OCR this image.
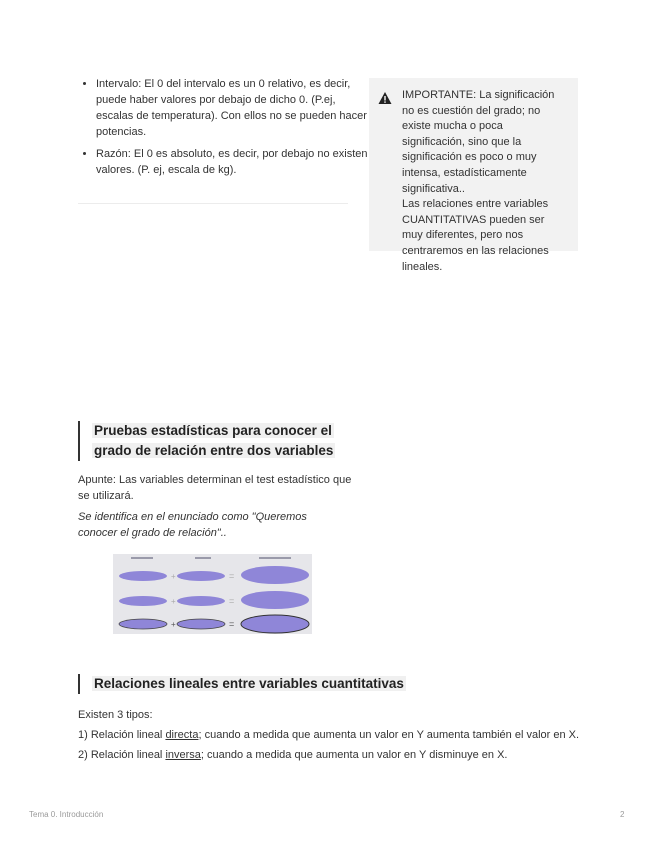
• Intervalo: El 0 del intervalo es un 0 relativo, es decir, puede haber valores por debajo de dicho 0. (P.ej, escalas de temperatura). Con ellos no se pueden hacer potencias.
• Razón: El 0 es absoluto, es decir, por debajo no existen valores. (P. ej, escala de kg).

IMPORTANTE: La significación no es cuestión del grado; no existe mucha o poca significación, sino que la significación es poco o muy intensa, estadísticamente significativa..

Las relaciones entre variables CUANTITATIVAS pueden ser muy diferentes, pero nos centraremos en las relaciones lineales.

Pruebas estadísticas para conocer el
grado de relación entre dos variables

Apunte: Las variables determinan el test estadístico que se utilizará.

Se identifica en el enunciado como "Queremos conocer el grado de relación"..

+	=
+	=
+	=
Relaciones lineales entre variables cuantitativas

Existen 3 tipos:

1) Relación lineal directa; cuando a medida que aumenta un valor en Y aumenta también el valor en X.

2) Relación lineal inversa; cuando a medida que aumenta un valor en Y disminuye en X.

Tema 0. Introducción	2
